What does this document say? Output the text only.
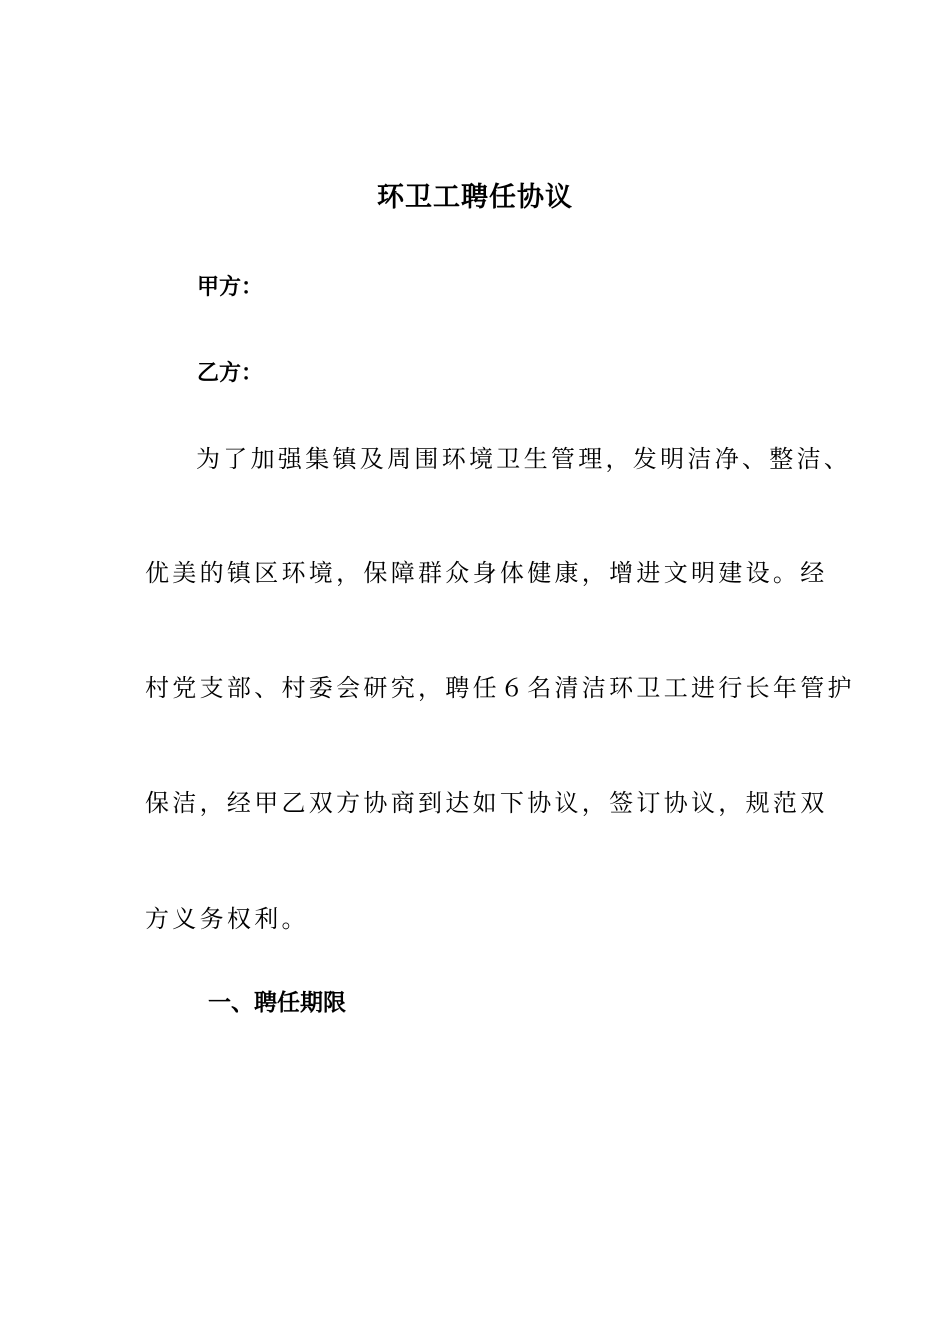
环卫工聘任协议
甲方：
乙方：
为了加强集镇及周围环境卫生管理，发明洁净、整洁、
优美的镇区环境，保障群众身体健康，增进文明建设。经
村党支部、村委会研究，聘任６名清洁环卫工进行长年管护
保洁，经甲乙双方协商到达如下协议，签订协议，规范双
方义务权利。
一、聘任期限
